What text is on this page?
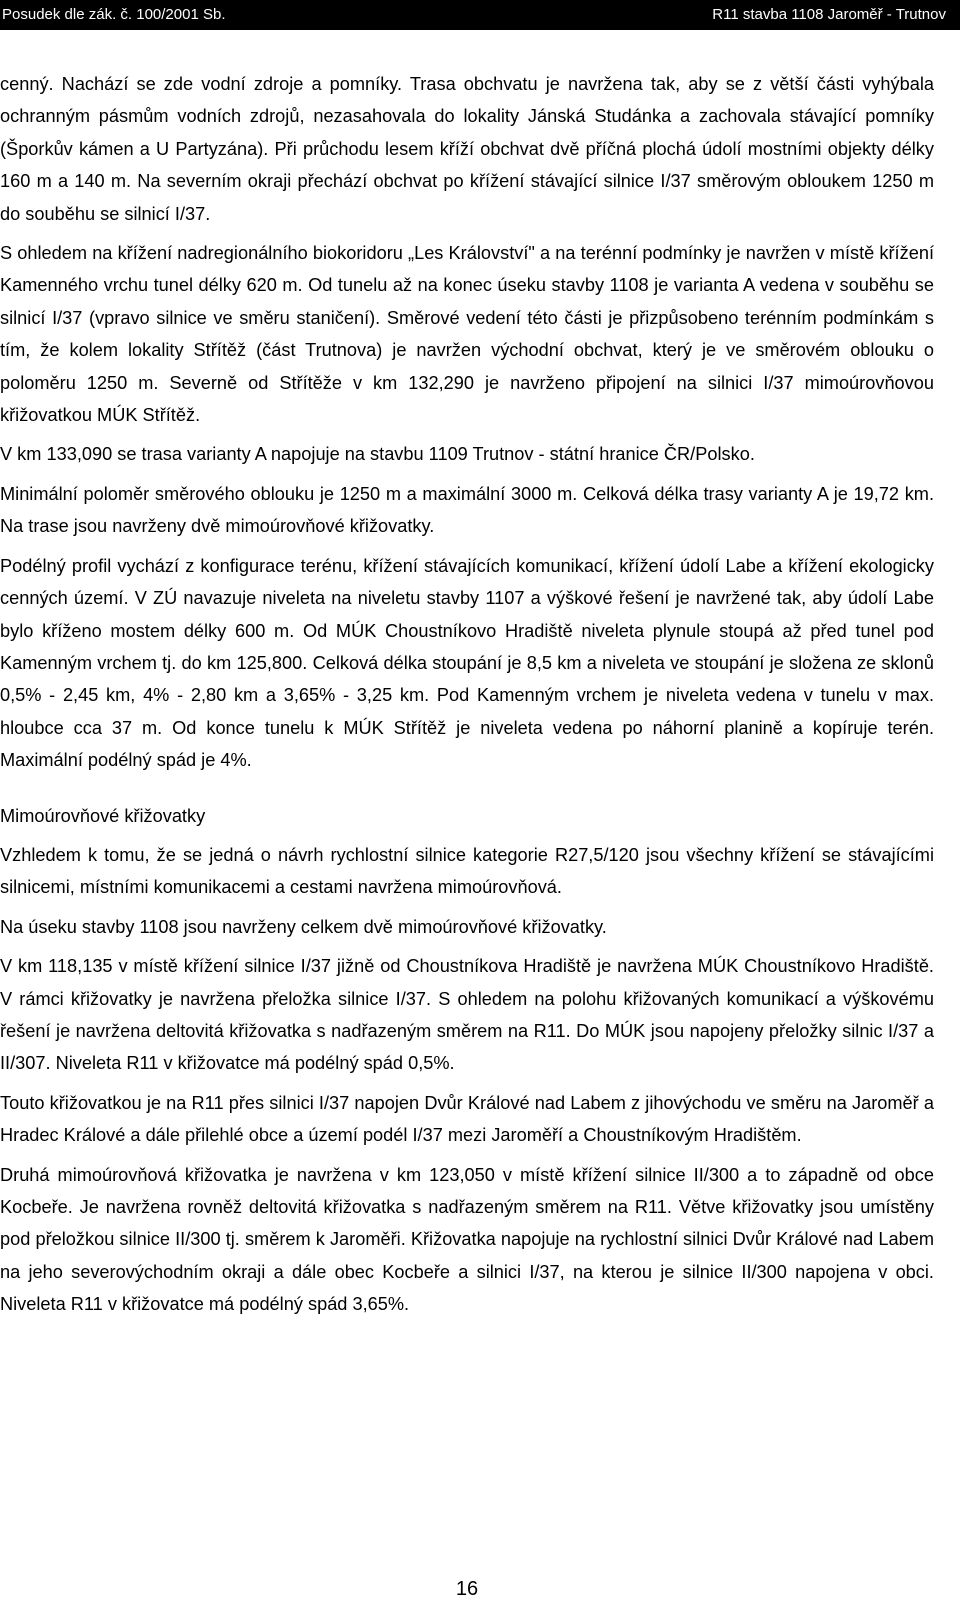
Posudek dle zák. č. 100/2001 Sb.	R11 stavba 1108 Jaroměř - Trutnov

cenný. Nachází se zde vodní zdroje a pomníky. Trasa obchvatu je navržena tak, aby se z větší části vyhýbala ochranným pásmům vodních zdrojů, nezasahovala do lokality Jánská Studánka a zachovala stávající pomníky (Šporkův kámen a U Partyzána). Při průchodu lesem kříží obchvat dvě příčná plochá údolí mostními objekty délky 160 m a 140 m. Na severním okraji přechází obchvat po křížení stávající silnice I/37 směrovým obloukem 1250 m do souběhu se silnicí I/37.

S ohledem na křížení nadregionálního biokoridoru „Les Království" a na terénní podmínky je navržen v místě křížení Kamenného vrchu tunel délky 620 m. Od tunelu až na konec úseku stavby 1108 je varianta A vedena v souběhu se silnicí I/37 (vpravo silnice ve směru staničení). Směrové vedení této části je přizpůsobeno terénním podmínkám s tím, že kolem lokality Střítěž (část Trutnova) je navržen východní obchvat, který je ve směrovém oblouku o poloměru 1250 m. Severně od Střítěže v km 132,290 je navrženo připojení na silnici I/37 mimoúrovňovou křižovatkou MÚK Střítěž.

V km 133,090 se trasa varianty A napojuje na stavbu 1109 Trutnov - státní hranice ČR/Polsko.

Minimální poloměr směrového oblouku je 1250 m a maximální 3000 m. Celková délka trasy varianty A je 19,72 km. Na trase jsou navrženy dvě mimoúrovňové křižovatky.

Podélný profil vychází z konfigurace terénu, křížení stávajících komunikací, křížení údolí Labe a křížení ekologicky cenných území. V ZÚ navazuje niveleta na niveletu stavby 1107 a výškové řešení je navržené tak, aby údolí Labe bylo kříženo mostem délky 600 m. Od MÚK Choustníkovo Hradiště niveleta plynule stoupá až před tunel pod Kamenným vrchem tj. do km 125,800. Celková délka stoupání je 8,5 km a niveleta ve stoupání je složena ze sklonů 0,5% - 2,45 km, 4% - 2,80 km a 3,65% - 3,25 km. Pod Kamenným vrchem je niveleta vedena v tunelu v max. hloubce cca 37 m. Od konce tunelu k MÚK Střítěž je niveleta vedena po náhorní planině a kopíruje terén. Maximální podélný spád je 4%.

Mimoúrovňové křižovatky

Vzhledem k tomu, že se jedná o návrh rychlostní silnice kategorie R27,5/120 jsou všechny křížení se stávajícími silnicemi, místními komunikacemi a cestami navržena mimoúrovňová.

Na úseku stavby 1108 jsou navrženy celkem dvě mimoúrovňové křižovatky.

V km 118,135 v místě křížení silnice I/37 jižně od Choustníkova Hradiště je navržena MÚK Choustníkovo Hradiště. V rámci křižovatky je navržena přeložka silnice I/37. S ohledem na polohu křižovaných komunikací a výškovému řešení je navržena deltovitá křižovatka s nadřazeným směrem na R11. Do MÚK jsou napojeny přeložky silnic I/37 a II/307. Niveleta R11 v křižovatce má podélný spád 0,5%.

Touto křižovatkou je na R11 přes silnici I/37 napojen Dvůr Králové nad Labem z jihovýchodu ve směru na Jaroměř a Hradec Králové a dále přilehlé obce a území podél I/37 mezi Jaroměří a Choustníkovým Hradištěm.

Druhá mimoúrovňová křižovatka je navržena v km 123,050 v místě křížení silnice II/300 a to západně od obce Kocbeře. Je navržena rovněž deltovitá křižovatka s nadřazeným směrem na R11. Větve křižovatky jsou umístěny pod přeložkou silnice II/300 tj. směrem k Jaroměři. Křižovatka napojuje na rychlostní silnici Dvůr Králové nad Labem na jeho severovýchodním okraji a dále obec Kocbeře a silnici I/37, na kterou je silnice II/300 napojena v obci. Niveleta R11 v křižovatce má podélný spád 3,65%.

16
